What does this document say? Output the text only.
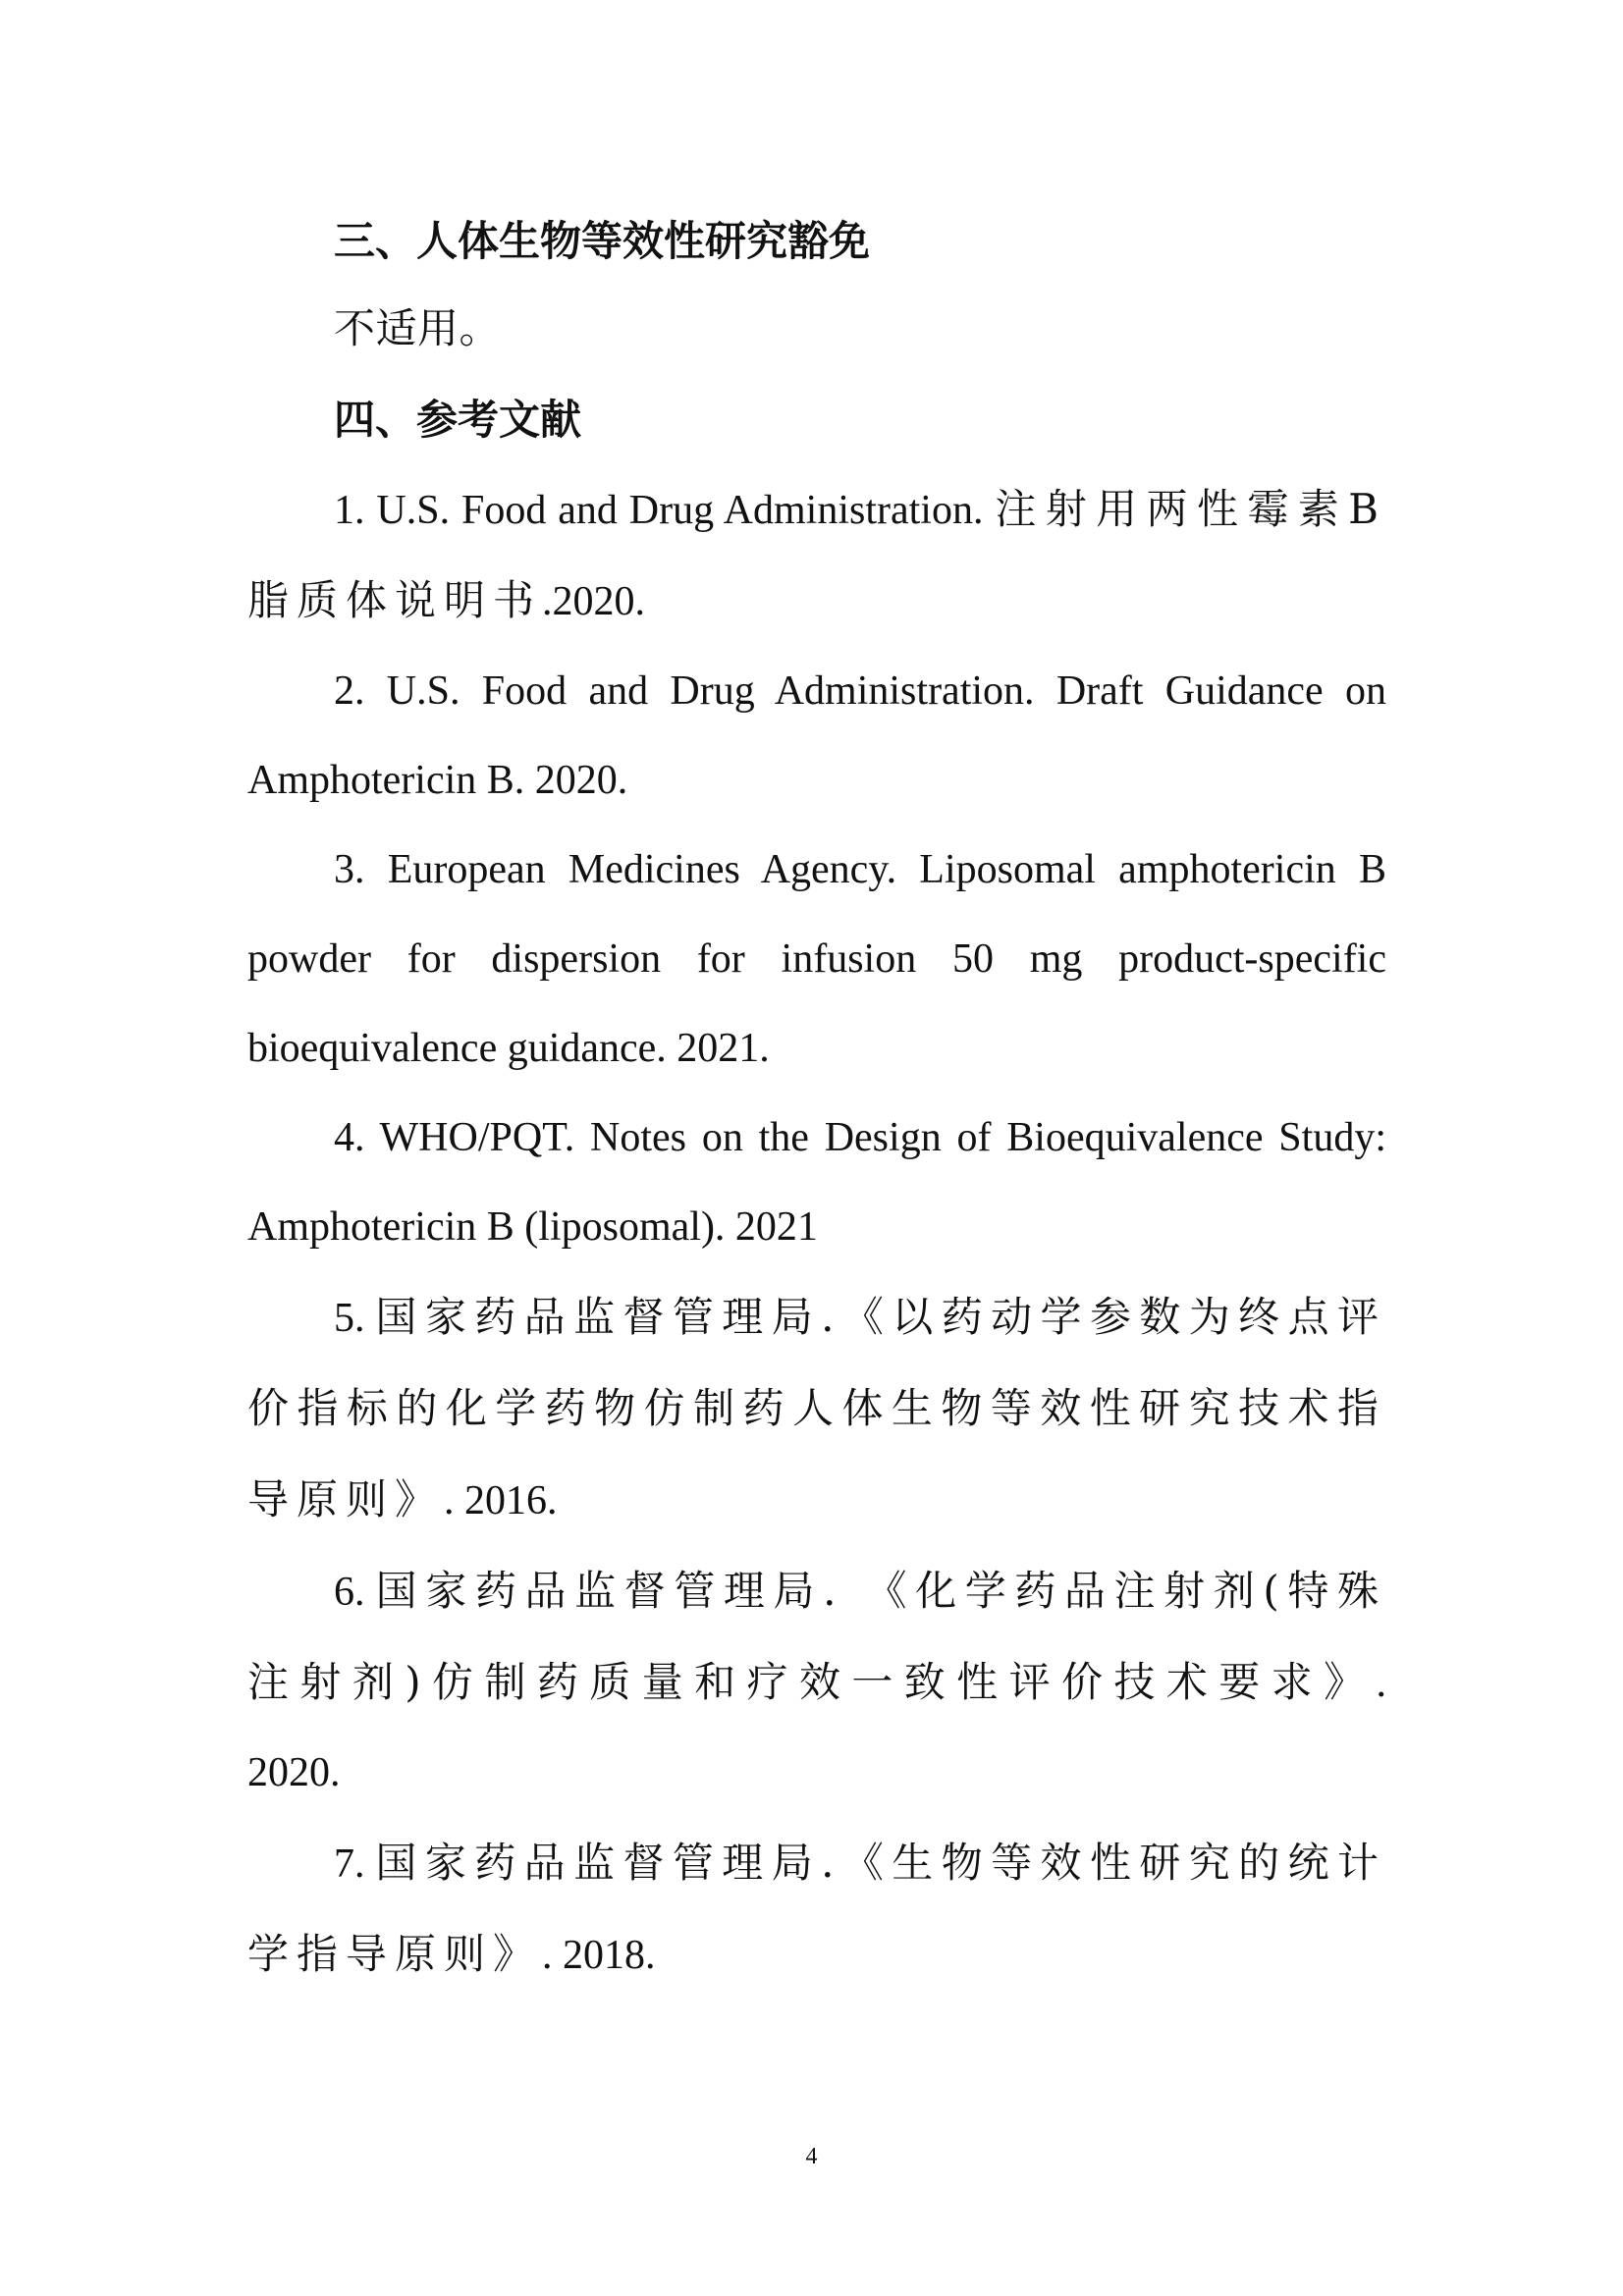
三、人体生物等效性研究豁免

不适用。

四、参考文献

1. U.S. Food and Drug Administration. 注射用两性霉素B脂质体说明书.2020.

2. U.S. Food and Drug Administration. Draft Guidance on Amphotericin B. 2020.

3. European Medicines Agency. Liposomal amphotericin B powder for dispersion for infusion 50 mg product-specific bioequivalence guidance. 2021.

4. WHO/PQT. Notes on the Design of Bioequivalence Study: Amphotericin B (liposomal). 2021

5. 国家药品监督管理局.《以药动学参数为终点评价指标的化学药物仿制药人体生物等效性研究技术指导原则》. 2016.

6. 国家药品监督管理局. 《化学药品注射剂(特殊注射剂)仿制药质量和疗效一致性评价技术要求》. 2020.

7. 国家药品监督管理局.《生物等效性研究的统计学指导原则》. 2018.

4
